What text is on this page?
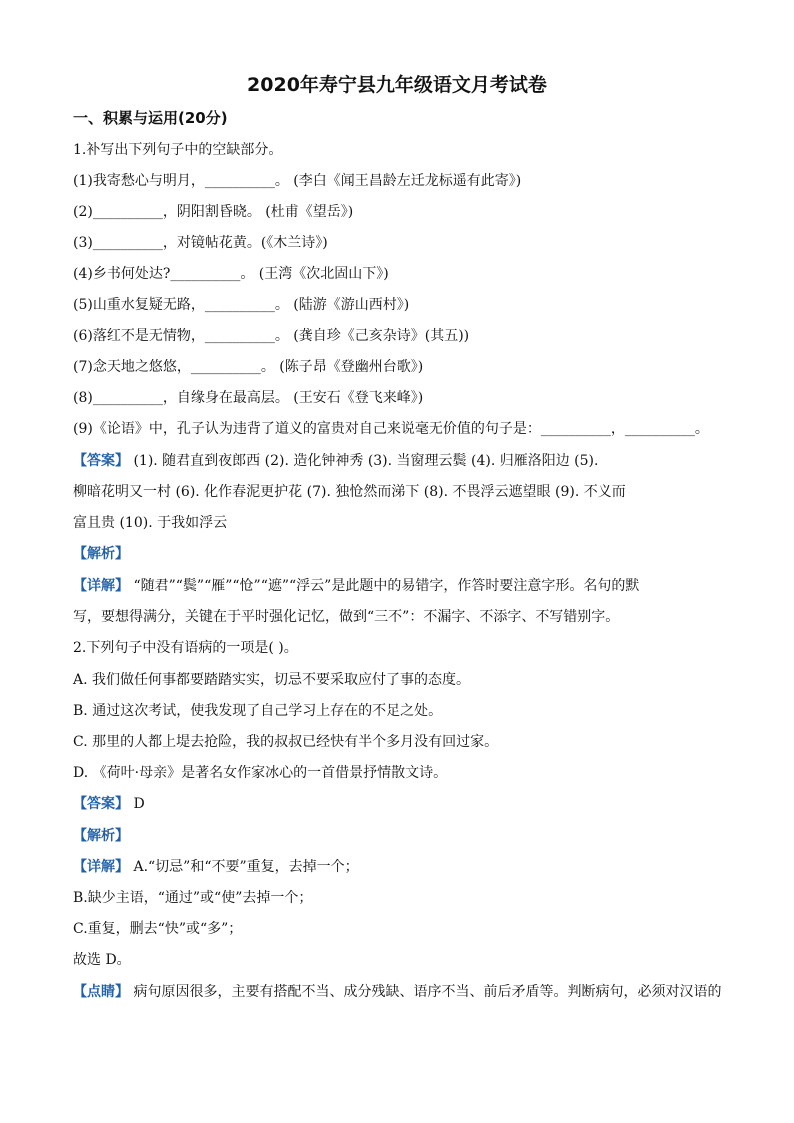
2020年寿宁县九年级语文月考试卷
一、积累与运用(20分)
1.补写出下列句子中的空缺部分。
(1)我寄愁心与明月，__________。 (李白《闻王昌龄左迁龙标遥有此寄》)
(2)__________，阴阳割昏晓。 (杜甫《望岳》)
(3)__________，对镜帖花黄。(《木兰诗》)
(4)乡书何处达?__________。 (王湾《次北固山下》)
(5)山重水复疑无路，__________。 (陆游《游山西村》)
(6)落红不是无情物，__________。 (龚自珍《己亥杂诗》(其五))
(7)念天地之悠悠，__________。 (陈子昂《登幽州台歌》)
(8)__________，自缘身在最高层。 (王安石《登飞来峰》)
(9)《论语》中，孔子认为违背了道义的富贵对自己来说毫无价值的句子是：__________，__________。
【答案】 (1). 随君直到夜郎西 (2). 造化钟神秀 (3). 当窗理云鬓 (4). 归雁洛阳边 (5).
柳暗花明又一村 (6). 化作春泥更护花 (7). 独怆然而涕下 (8). 不畏浮云遮望眼 (9). 不义而
富且贵 (10). 于我如浮云
【解析】
【详解】 “随君”“鬓”“雁”“怆”“遮”“浮云”是此题中的易错字，作答时要注意字形。名句的默
写，要想得满分，关键在于平时强化记忆，做到“三不”：不漏字、不添字、不写错别字。
2.下列句子中没有语病的一项是( )。
A. 我们做任何事都要踏踏实实，切忌不要采取应付了事的态度。
B. 通过这次考试，使我发现了自己学习上存在的不足之处。
C. 那里的人都上堤去抢险，我的叔叔已经快有半个多月没有回过家。
D. 《荷叶·母亲》是著名女作家冰心的一首借景抒情散文诗。
【答案】 D
【解析】
【详解】 A.“切忌”和“不要”重复，去掉一个；
B.缺少主语，“通过”或“使”去掉一个；
C.重复，删去“快”或“多”；
故选 D。
【点睛】 病句原因很多，主要有搭配不当、成分残缺、语序不当、前后矛盾等。判断病句，必须对汉语的
